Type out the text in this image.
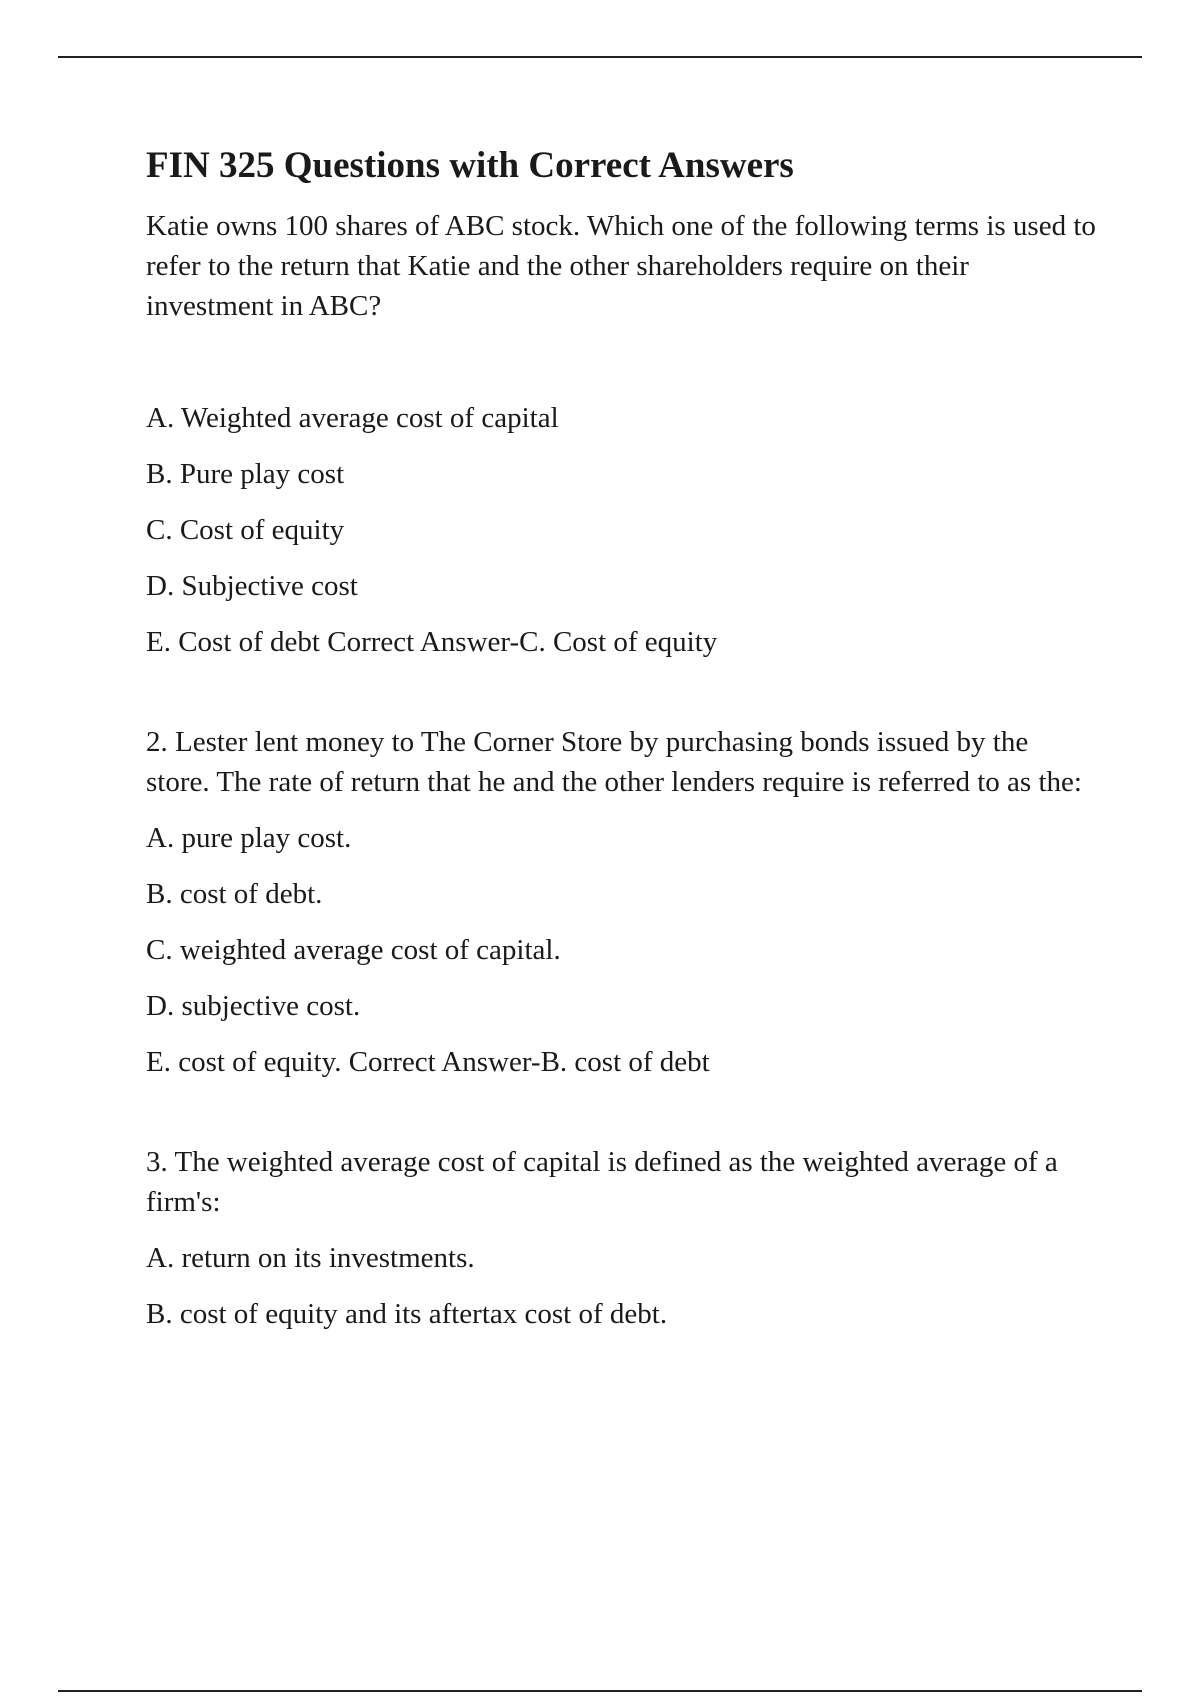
FIN 325 Questions with Correct Answers

Katie owns 100 shares of ABC stock. Which one of the following terms is used to refer to the return that Katie and the other shareholders require on their investment in ABC?

A. Weighted average cost of capital
B. Pure play cost
C. Cost of equity
D. Subjective cost
E. Cost of debt Correct Answer-C. Cost of equity

2. Lester lent money to The Corner Store by purchasing bonds issued by the store. The rate of return that he and the other lenders require is referred to as the:

A. pure play cost.
B. cost of debt.
C. weighted average cost of capital.
D. subjective cost.
E. cost of equity. Correct Answer-B. cost of debt

3. The weighted average cost of capital is defined as the weighted average of a firm's:

A. return on its investments.
B. cost of equity and its aftertax cost of debt.
